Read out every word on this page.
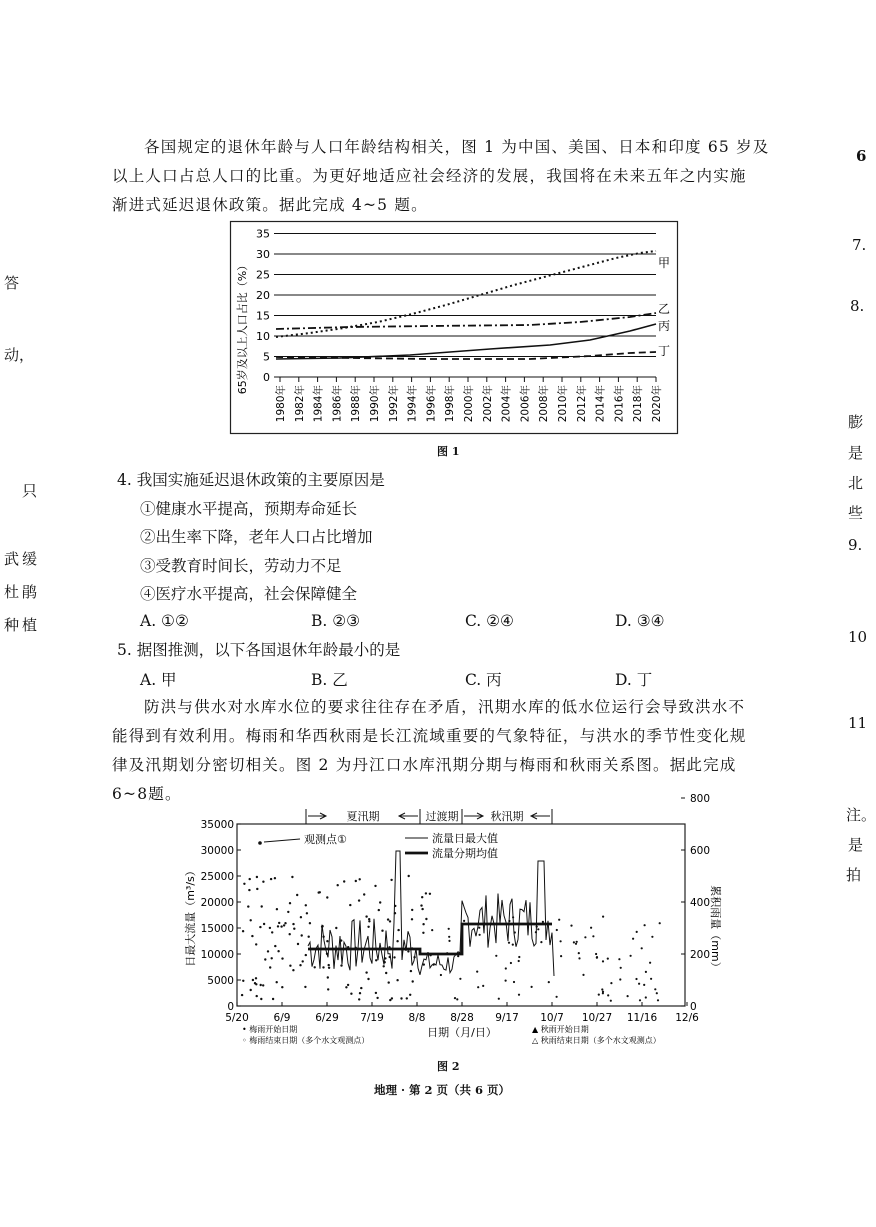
答
动，
只
武缓
杜鹃
种植
6
7.
8.
膨
是
北
些
9.
10
11
注。
是
拍
各国规定的退休年龄与人口年龄结构相关，图 1 为中国、美国、日本和印度 65 岁及
以上人口占总人口的比重。为更好地适应社会经济的发展，我国将在未来五年之内实施
渐进式延迟退休政策。据此完成 4~5 题。
0
5
10
15
20
25
30
35
1980年 1982年 1984年 1986年 1988年 1990年 1992年 1994年 1996年 1998年 2000年 2002年 2004年 2006年 2008年 2010年 2012年 2014年 2016年 2018年 2020年
65岁及以上人口占比（%）	甲
乙
丙
丁
图 1
4. 我国实施延迟退休政策的主要原因是
①健康水平提高，预期寿命延长
②出生率下降，老年人口占比增加
③受教育时间长，劳动力不足
④医疗水平提高，社会保障健全
A. ①②	B. ②③	C. ②④	D. ③④
5. 据图推测，以下各国退休年龄最小的是
A. 甲	B. 乙	C. 丙	D. 丁
防洪与供水对水库水位的要求往往存在矛盾，汛期水库的低水位运行会导致洪水不
能得到有效利用。梅雨和华西秋雨是长江流域重要的气象特征，与洪水的季节性变化规
律及汛期划分密切相关。图 2 为丹江口水库汛期分期与梅雨和秋雨关系图。据此完成
6~8题。
夏汛期	过渡期	秋汛期
0
5000
10000
15000
20000
25000
30000
35000
0
200
400
600
800
5/20 6/9 6/29 7/19 8/8 8/28 9/17 10/7 10/27 11/16 12/6
日最大流量（m³/s）	累积雨量（mm）
日期（月/日）
观测点①	流量日最大值
流量分期均值
• 梅雨开始日期
◦ 梅雨结束日期（多个水文观测点）
▲ 秋雨开始日期
△ 秋雨结束日期（多个水文观测点）
图 2
地理 · 第 2 页（共 6 页）
